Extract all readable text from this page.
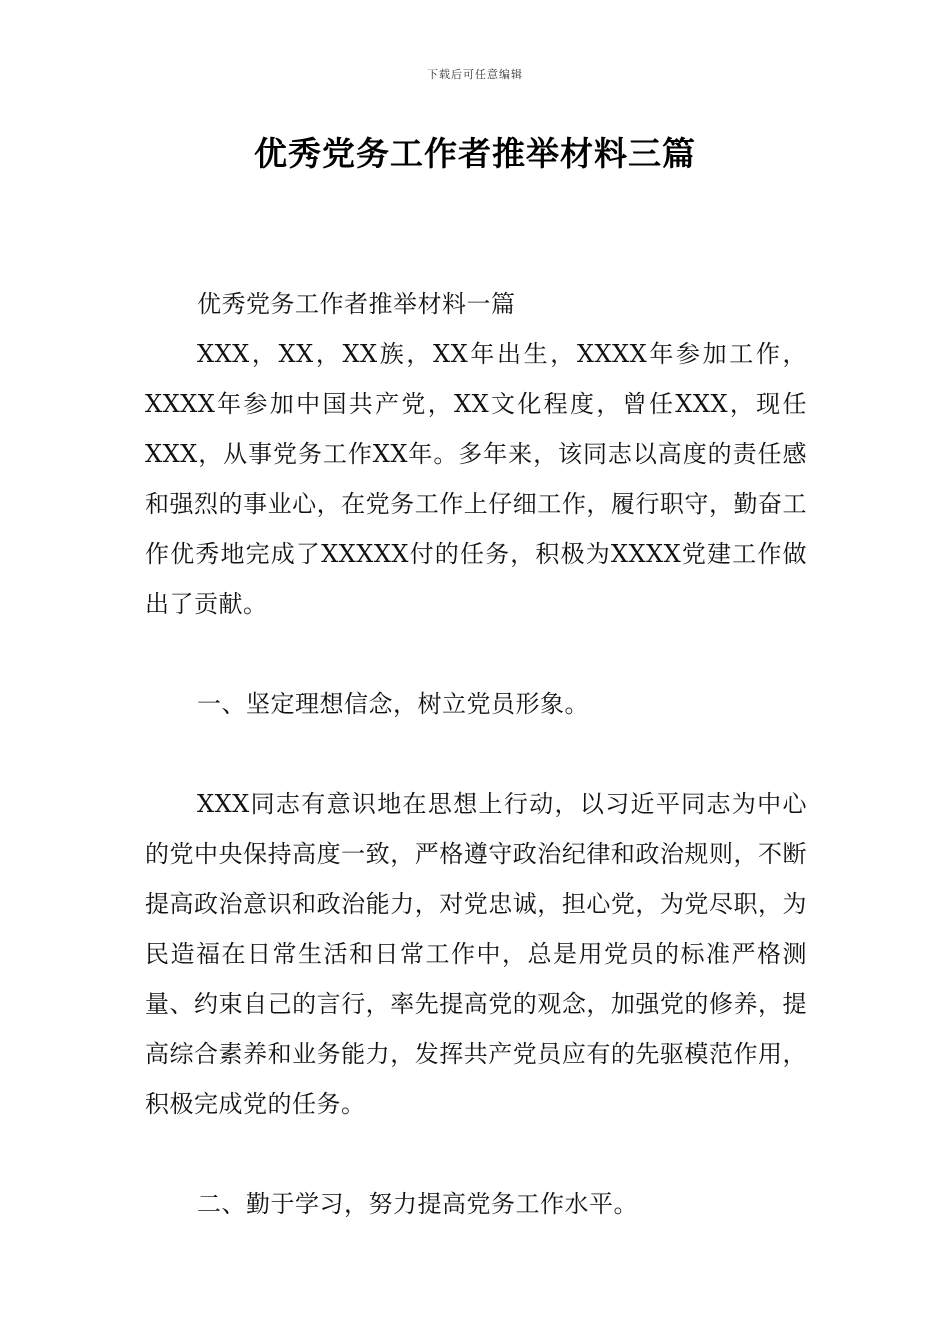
下载后可任意编辑
优秀党务工作者推举材料三篇

优秀党务工作者推举材料一篇

XXX，XX，XX族，XX年出生，XXXX年参加工作，XXXX年参加中国共产党，XX文化程度，曾任XXX，现任XXX，从事党务工作XX年。多年来，该同志以高度的责任感和强烈的事业心，在党务工作上仔细工作，履行职守，勤奋工作优秀地完成了XXXXX付的任务，积极为XXXX党建工作做出了贡献。

一、坚定理想信念，树立党员形象。

XXX同志有意识地在思想上行动，以习近平同志为中心的党中央保持高度一致，严格遵守政治纪律和政治规则，不断提高政治意识和政治能力，对党忠诚，担心党，为党尽职，为民造福在日常生活和日常工作中，总是用党员的标准严格测量、约束自己的言行，率先提高党的观念，加强党的修养，提高综合素养和业务能力，发挥共产党员应有的先驱模范作用，积极完成党的任务。

二、勤于学习，努力提高党务工作水平。
